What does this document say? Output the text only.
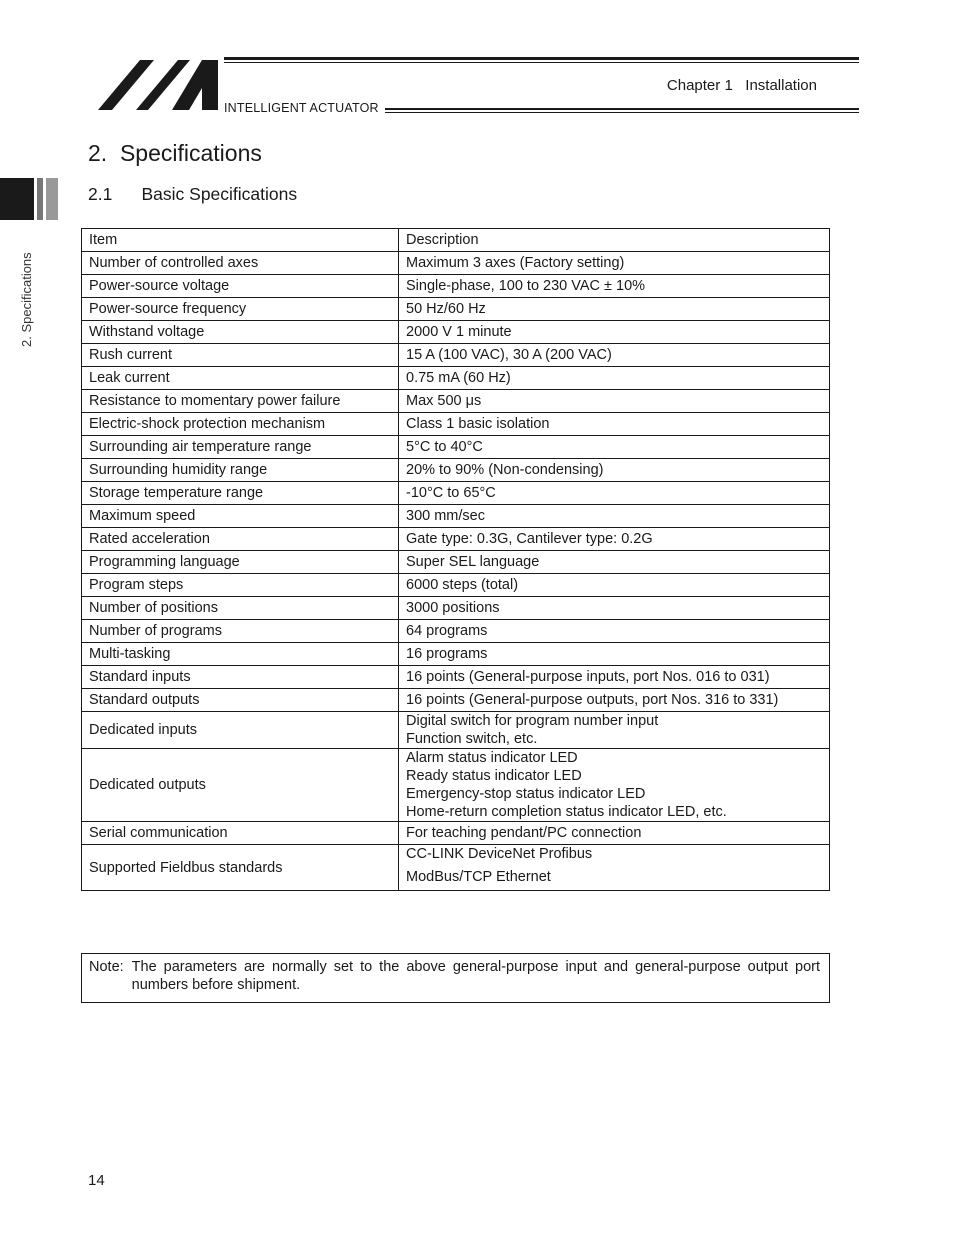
Chapter 1   Installation
INTELLIGENT ACTUATOR
2. Specifications
2.  Specifications
2.1      Basic Specifications
Item	Description
Number of controlled axes	Maximum 3 axes (Factory setting)
Power-source voltage	Single-phase, 100 to 230 VAC ± 10%
Power-source frequency	50 Hz/60 Hz
Withstand voltage	2000 V 1 minute
Rush current	15 A (100 VAC), 30 A (200 VAC)
Leak current	0.75 mA (60 Hz)
Resistance to momentary power failure	Max 500 μs
Electric-shock protection mechanism	Class 1 basic isolation
Surrounding air temperature range	5°C to 40°C
Surrounding humidity range	20% to 90% (Non-condensing)
Storage temperature range	-10°C to 65°C
Maximum speed	300 mm/sec
Rated acceleration	Gate type: 0.3G, Cantilever type: 0.2G
Programming language	Super SEL language
Program steps	6000 steps (total)
Number of positions	3000 positions
Number of programs	64 programs
Multi-tasking	16 programs
Standard inputs	16 points (General-purpose inputs, port Nos. 016 to 031)
Standard outputs	16 points (General-purpose outputs, port Nos. 316 to 331)
Dedicated inputs	Digital switch for program number input
Function switch, etc.

Dedicated outputs	Alarm status indicator LED
Ready status indicator LED
Emergency-stop status indicator LED
Home-return completion status indicator LED, etc.

Serial communication	For teaching pendant/PC connection
Supported Fieldbus standards	CC-LINK DeviceNet Profibus
ModBus/TCP Ethernet
Note: The parameters are normally set to the above general-purpose input and general-purpose output port numbers before shipment.
14
